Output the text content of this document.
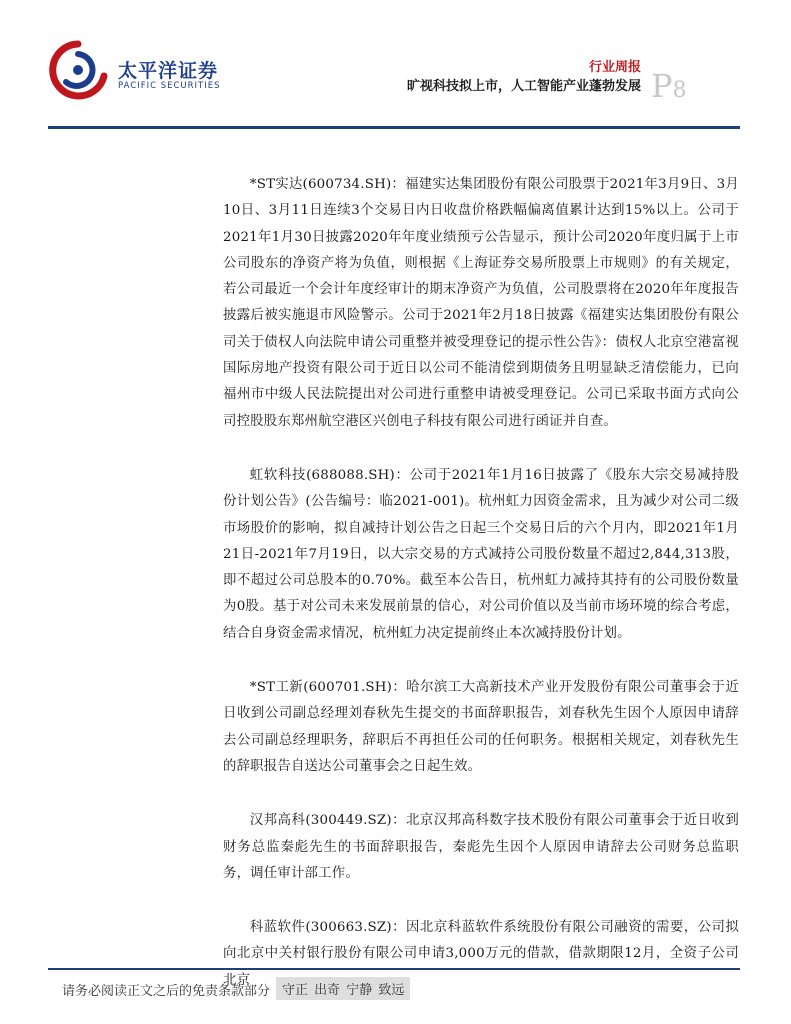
太平洋证券
PACIFIC SECURITIES
行业周报
旷视科技拟上市，人工智能产业蓬勃发展 P8

*ST实达(600734.SH)：福建实达集团股份有限公司股票于2021年3月9日、3月10日、3月11日连续3个交易日内日收盘价格跌幅偏离值累计达到15%以上。公司于2021年1月30日披露2020年年度业绩预亏公告显示，预计公司2020年度归属于上市公司股东的净资产将为负值，则根据《上海证券交易所股票上市规则》的有关规定，若公司最近一个会计年度经审计的期末净资产为负值，公司股票将在2020年年度报告披露后被实施退市风险警示。公司于2021年2月18日披露《福建实达集团股份有限公司关于债权人向法院申请公司重整并被受理登记的提示性公告》：债权人北京空港富视国际房地产投资有限公司于近日以公司不能清偿到期债务且明显缺乏清偿能力，已向福州市中级人民法院提出对公司进行重整申请被受理登记。公司已采取书面方式向公司控股股东郑州航空港区兴创电子科技有限公司进行函证并自查。

虹软科技(688088.SH)：公司于2021年1月16日披露了《股东大宗交易减持股份计划公告》(公告编号：临2021-001)。杭州虹力因资金需求，且为减少对公司二级市场股价的影响，拟自减持计划公告之日起三个交易日后的六个月内，即2021年1月21日-2021年7月19日，以大宗交易的方式减持公司股份数量不超过2,844,313股，即不超过公司总股本的0.70%。截至本公告日，杭州虹力减持其持有的公司股份数量为0股。基于对公司未来发展前景的信心，对公司价值以及当前市场环境的综合考虑，结合自身资金需求情况，杭州虹力决定提前终止本次减持股份计划。

*ST工新(600701.SH)：哈尔滨工大高新技术产业开发股份有限公司董事会于近日收到公司副总经理刘春秋先生提交的书面辞职报告，刘春秋先生因个人原因申请辞去公司副总经理职务，辞职后不再担任公司的任何职务。根据相关规定，刘春秋先生的辞职报告自送达公司董事会之日起生效。

汉邦高科(300449.SZ)：北京汉邦高科数字技术股份有限公司董事会于近日收到财务总监秦彪先生的书面辞职报告，秦彪先生因个人原因申请辞去公司财务总监职务，调任审计部工作。

科蓝软件(300663.SZ)：因北京科蓝软件系统股份有限公司融资的需要，公司拟向北京中关村银行股份有限公司申请3,000万元的借款，借款期限12月，全资子公司北京

请务必阅读正文之后的免责条款部分 守正 出奇 宁静 致远
